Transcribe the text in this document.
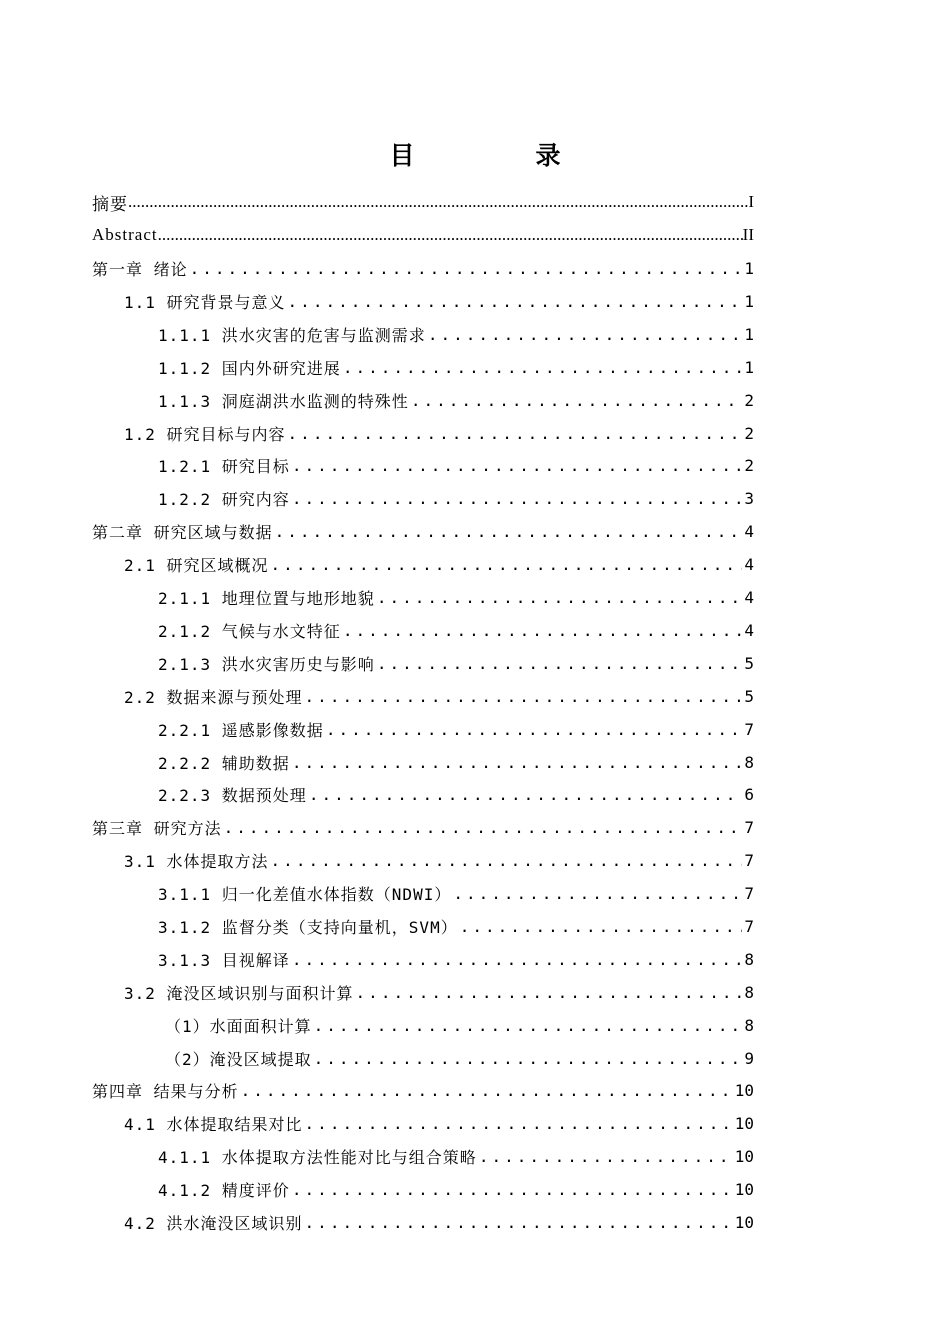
目　录
摘要 .....	I
Abstract .....	II
第一章 绪论 .....	1
1.1 研究背景与意义 .....	1
1.1.1 洪水灾害的危害与监测需求 .....	1
1.1.2 国内外研究进展 .....	1
1.1.3 洞庭湖洪水监测的特殊性 .....	2
1.2 研究目标与内容 .....	2
1.2.1 研究目标 .....	2
1.2.2 研究内容 .....	3
第二章 研究区域与数据 .....	4
2.1 研究区域概况 .....	4
2.1.1 地理位置与地形地貌 .....	4
2.1.2 气候与水文特征 .....	4
2.1.3 洪水灾害历史与影响 .....	5
2.2 数据来源与预处理 .....	5
2.2.1 遥感影像数据 .....	7
2.2.2 辅助数据 .....	8
2.2.3 数据预处理 .....	6
第三章 研究方法 .....	7
3.1 水体提取方法 .....	7
3.1.1 归一化差值水体指数（NDWI） .....	7
3.1.2 监督分类（支持向量机，SVM） .....	7
3.1.3 目视解译 .....	8
3.2 淹没区域识别与面积计算 .....	8
（1）水面面积计算 .....	8
（2）淹没区域提取 .....	9
第四章 结果与分析 .....	10
4.1 水体提取结果对比 .....	10
4.1.1 水体提取方法性能对比与组合策略 .....	10
4.1.2 精度评价 .....	10
4.2 洪水淹没区域识别 .....	10
